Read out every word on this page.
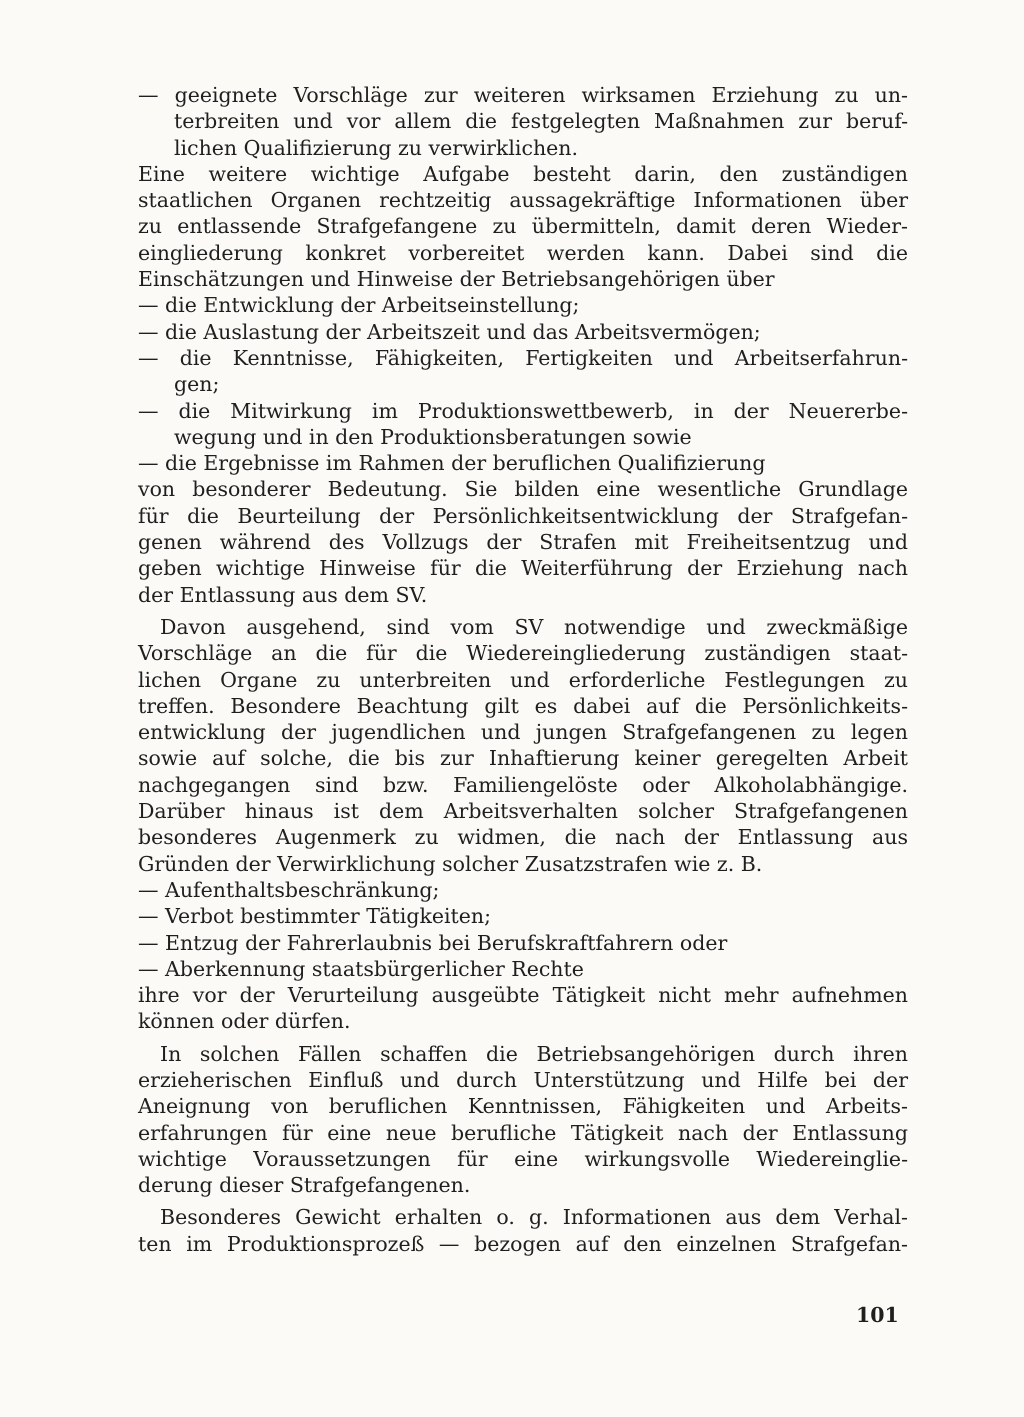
— geeignete Vorschläge zur weiteren wirksamen Erziehung zu un-
terbreiten und vor allem die festgelegten Maßnahmen zur beruf-
lichen Qualifizierung zu verwirklichen.
Eine weitere wichtige Aufgabe besteht darin, den zuständigen
staatlichen Organen rechtzeitig aussagekräftige Informationen über
zu entlassende Strafgefangene zu übermitteln, damit deren Wieder-
eingliederung konkret vorbereitet werden kann. Dabei sind die
Einschätzungen und Hinweise der Betriebsangehörigen über
— die Entwicklung der Arbeitseinstellung;
— die Auslastung der Arbeitszeit und das Arbeitsvermögen;
— die Kenntnisse, Fähigkeiten, Fertigkeiten und Arbeitserfahrun-
gen;
— die Mitwirkung im Produktionswettbewerb, in der Neuererbe-
wegung und in den Produktionsberatungen sowie
— die Ergebnisse im Rahmen der beruflichen Qualifizierung
von besonderer Bedeutung. Sie bilden eine wesentliche Grundlage
für die Beurteilung der Persönlichkeitsentwicklung der Strafgefan-
genen während des Vollzugs der Strafen mit Freiheitsentzug und
geben wichtige Hinweise für die Weiterführung der Erziehung nach
der Entlassung aus dem SV.
Davon ausgehend, sind vom SV notwendige und zweckmäßige
Vorschläge an die für die Wiedereingliederung zuständigen staat-
lichen Organe zu unterbreiten und erforderliche Festlegungen zu
treffen. Besondere Beachtung gilt es dabei auf die Persönlichkeits-
entwicklung der jugendlichen und jungen Strafgefangenen zu legen
sowie auf solche, die bis zur Inhaftierung keiner geregelten Arbeit
nachgegangen sind bzw. Familiengelöste oder Alkoholabhängige.
Darüber hinaus ist dem Arbeitsverhalten solcher Strafgefangenen
besonderes Augenmerk zu widmen, die nach der Entlassung aus
Gründen der Verwirklichung solcher Zusatzstrafen wie z. B.
— Aufenthaltsbeschränkung;
— Verbot bestimmter Tätigkeiten;
— Entzug der Fahrerlaubnis bei Berufskraftfahrern oder
— Aberkennung staatsbürgerlicher Rechte
ihre vor der Verurteilung ausgeübte Tätigkeit nicht mehr aufnehmen
können oder dürfen.
In solchen Fällen schaffen die Betriebsangehörigen durch ihren
erzieherischen Einfluß und durch Unterstützung und Hilfe bei der
Aneignung von beruflichen Kenntnissen, Fähigkeiten und Arbeits-
erfahrungen für eine neue berufliche Tätigkeit nach der Entlassung
wichtige Voraussetzungen für eine wirkungsvolle Wiedereinglie-
derung dieser Strafgefangenen.
Besonderes Gewicht erhalten o. g. Informationen aus dem Verhal-
ten im Produktionsprozeß — bezogen auf den einzelnen Strafgefan-
101
